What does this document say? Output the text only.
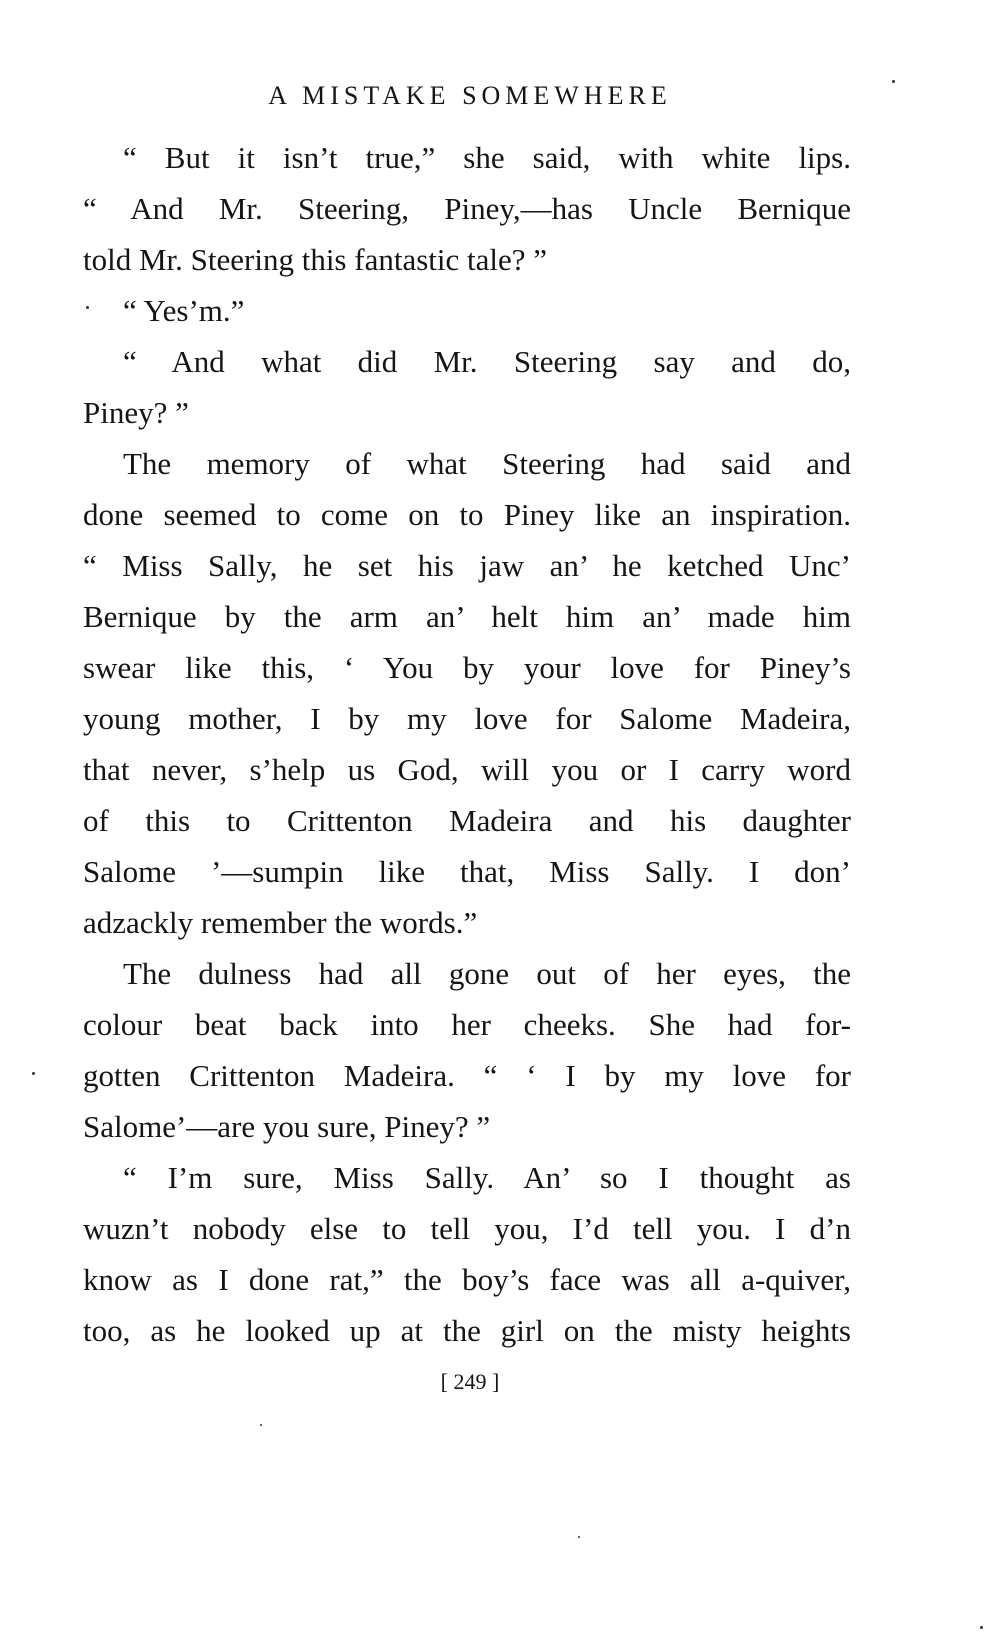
A MISTAKE SOMEWHERE

“ But it isn’t true,” she said, with white lips.
“ And Mr. Steering, Piney,—has Uncle Bernique
told Mr. Steering this fantastic tale? ”

“ Yes’m.”

“ And what did Mr. Steering say and do,
Piney? ”

The memory of what Steering had said and
done seemed to come on to Piney like an inspiration.
“ Miss Sally, he set his jaw an’ he ketched Unc’
Bernique by the arm an’ helt him an’ made him
swear like this, ‘ You by your love for Piney’s
young mother, I by my love for Salome Madeira,
that never, s’help us God, will you or I carry word
of this to Crittenton Madeira and his daughter
Salome ’—sumpin like that, Miss Sally. I don’
adzackly remember the words.”

The dulness had all gone out of her eyes, the
colour beat back into her cheeks. She had for-
gotten Crittenton Madeira. “ ‘ I by my love for
Salome’—are you sure, Piney? ”

“ I’m sure, Miss Sally. An’ so I thought as
wuzn’t nobody else to tell you, I’d tell you. I d’n
know as I done rat,” the boy’s face was all a-quiver,
too, as he looked up at the girl on the misty heights

[ 249 ]
